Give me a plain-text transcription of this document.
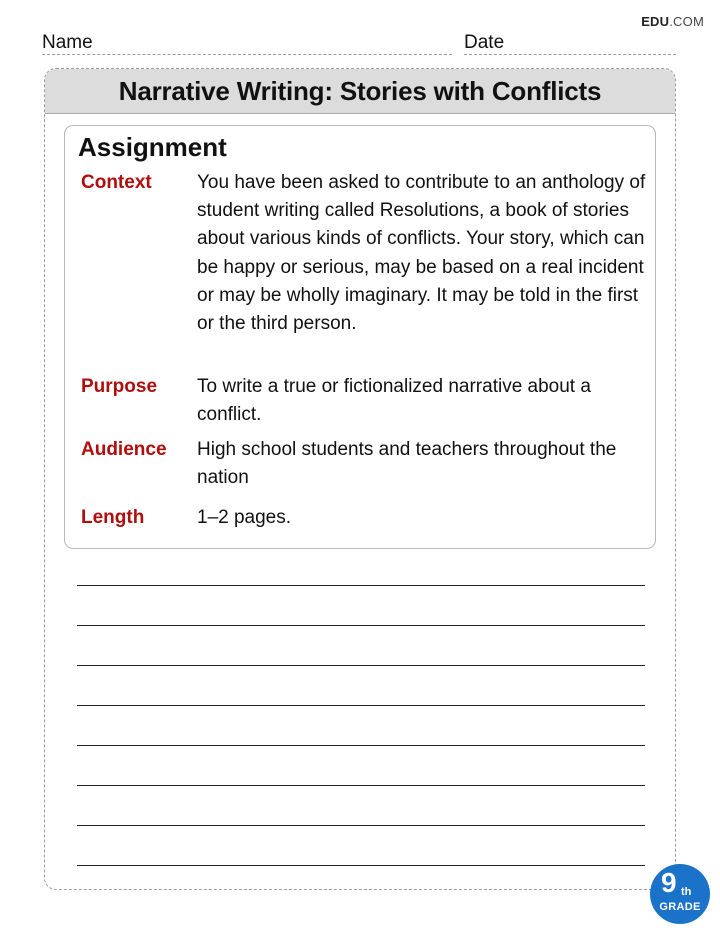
EDU.COM
Name	Date
Narrative Writing: Stories with Conflicts
Assignment
Context You have been asked to contribute to an anthology of student writing called Resolutions, a book of stories about various kinds of conflicts. Your story, which can be happy or serious, may be based on a real incident or may be wholly imaginary. It may be told in the first or the third person.
Purpose To write a true or fictionalized narrative about a conflict.
Audience High school students and teachers throughout the nation
Length	1–2 pages.
9 th
GRADE
